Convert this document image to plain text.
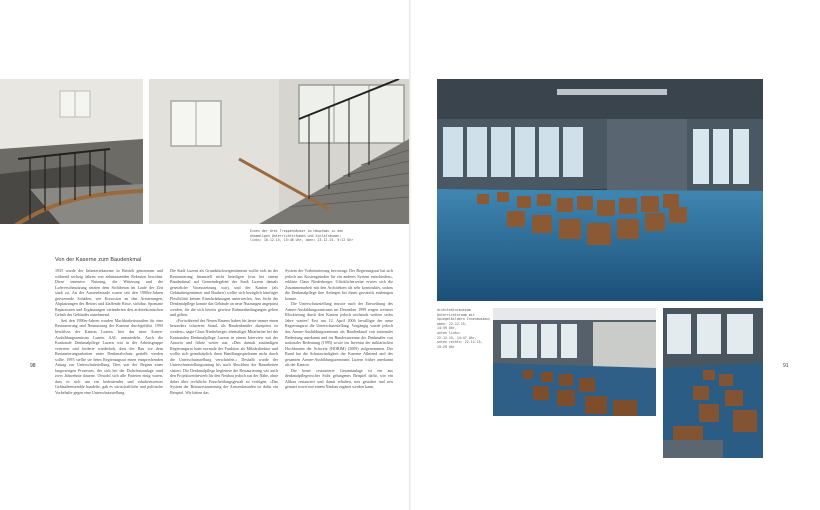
Eines der drei Treppenhäuser im Hauptbau zu den
ehemaligen Unterrichtsräumen und Schlafräumen;
links: 16.12.15, 15:48 Uhr, oben: 23.12.15, 9:12 Uhr
Von der Kaserne zum Baudenkmal

1935 wurde der Infanteriekaserne in Betrieb genommen und während sechzig Jahren von zehntausenden Rekruten bewohnt. Diese intensive Nutzung, die Witterung und die Luftverschmutzung setzten dem Sichtbeton im Laufe der Zeit stark zu. An der Aussenfassade waren seit den 1980er-Jahren gravierende Schäden, wie Korrosion an den Armierungen, Abplatzungen des Betons und klaffende Risse, sichtbar. Spontane Reparaturen und Ergänzungen veränderten den architektonischen Gehalt des Gebäudes zunehmend.

Seit den 1990er-Jahren wurden Machbarkeitsstudien für eine Restaurierung und Neunutzung der Kaserne durchgeführt. 1993 beschloss der Kanton Luzern, hier das neue Armee-Ausbildungszentrum Luzern AAL anzusiedeln. Auch die Kantonale Denkmalpflege Luzern war in der Arbeitsgruppe vertreten und forderte wiederholt, dass der Bau vor dem Restaurierungsarbeiten unter Denkmalschutz gestellt werden sollte. 1993 stellte sie beim Regierungsrat einen entsprechenden Antrag zur Unterschutzstellung. Dies war der Beginn eines langwierigen Prozesses, der sich bei der Dulschutzanlage rund zwei Jahrzehnte dauerte. Obwohl sich alle Parteien einig waren, dass es sich um ein bedeutendes und erhaltenswertes Gebäudeensemble handelte, gab es wirtschaftliche und politische Vorbehalte gegen eine Unterschutzstellung.

Die Stadt Luzern als Grundstückseigentümerin wollte sich an der Restaurierung finanziell nicht beteiligen (was bei einem Baudenkmal auf Gemeindegebiet der Stadt Luzern damals gesetzliche Voraussetzung war), und der Kanton (als Gebäudeeigentümer und Bauherr) wollte sich bezüglich künftiger Flexibilität keinen Einschränkungen unterwerfen. Aus Sicht der Denkmalpflege konnte das Gebäude an neue Nutzungen angepasst werden, für die sich bereits gewisse Rahmenbedingungen gelten und gelten.

»Fortwährend des Neuen Bauens haben bis heute immer einen besonders schweren Stand, als Baudenkmäler akzeptiert zu werden«, sagte Claus Niederberger, ehemaliger Mitarbeiter bei der Kantonalen Denkmalpflege Luzern in einem Interview mit der Autorin und führte weiter aus: »Den damals zuständigen Regierungsrat hatte normale der Funktion als Militärdirektor und wollte sich grundsätzlich ihren Handlungsspielraum nicht durch die Unterschutzstellung verschärfen.« Deshalb wurde der Unterschutzstellungsantrag bis nach Abschluss der Bauarbeiten sistiert. Die Denkmalpflege begleitete die Restaurierung wie auch den Projektwettbewerb für den Neubau jedoch aus der Nähe, ohne dabei über rechtliche Entscheidungsgewalt zu verfügen. »Das System der Betonrestaurierung der Aussenfassaden ist dafür ein Beispiel. Wir hätten das

System der Vorbetonierung bevorzugt. Der Regierungsrat hat sich jedoch aus Kostengründen für ein anderes System entschieden«, erklärte Claus Niederberger. Glücklicherweise erwies sich die Zusammenarbeit mit den Architekten als sehr konstruktiv, sodass die Denkmalpflege ihre Anliegen bei ihnen grossteils einbringen konnte.

Die Unterschutzstellung musste nach der Einweihung des Armee-Ausbildungszentrums im Dezember 1999 wegen weiterer Blockierung durch den Kanton jedoch nochmals weitere sechs Jahre warten! Erst am 12. April 2006 bewilligte der neue Regierungsrat die Unterschutzstellung. Vorgängig wurde jedoch das Armee-Ausbildungszentrum als Baudenkmal von nationaler Bedeutung anerkannt und ins Bundesinventar der Denkmäler von nationaler Bedeutung (1995) sowie ins Inventar der militärischen Hochbauten der Schweiz (HOBIM) (2009) aufgenommen. Der Bund hat die Schutzwürdigkeit der Kaserne Allmend und des gesamten Armee-Ausbildungszentrums Luzern früher anerkannt als der Kanton.

Die heute restaurierte Gesamtanlage ist ein aus denkmalpflegerischer Sicht gelungenes Beispiel dafür, wie ein Altbau restauriert und damit erhalten, neu gestaltet und neu genutzt sowie mit einem Neubau ergänzt werden kann.

98
Architekturmuseum
Unterrichtsraum mit
Spiegelbildern Innenausbau;
oben: 22.12.15,
14:59 Uhr,
unten links:
22.12.15, 14:47 Uhr,
unten rechts: 22.12.15,
15:29 Uhr
91
